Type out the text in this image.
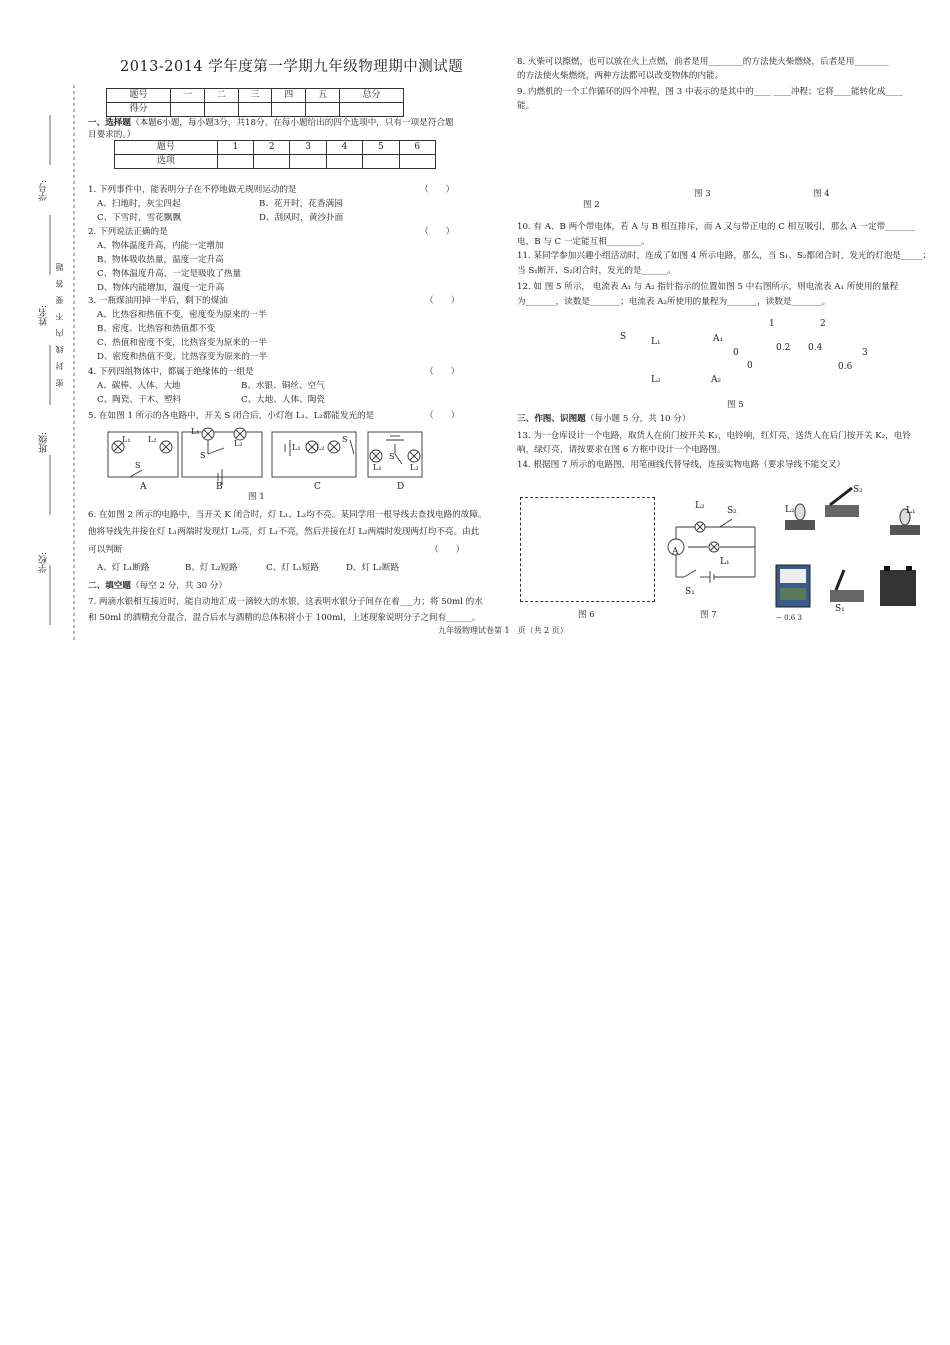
学号:
姓名:
班级:
学校:
密 封 线 内 不 要 答 题
2013-2014 学年度第一学期九年级物理期中测试题
题号	一	二	三	四	五	总分
得分						
一、选择题（本题6小题，每小题3分，共18分。在每小题给出的四个选项中，只有一项是符合题
目要求的。）
题号	1	2	3	4	5	6
选项						
1. 下列事件中，能表明分子在不停地做无规则运动的是	（　　）
A、扫地时，灰尘四起	B、花开时，花香满园
C、下雪时，雪花飘飘	D、刮风时，黄沙扑面
2. 下列说法正确的是	（　　）
A、物体温度升高，内能一定增加
B、物体吸收热量，温度一定升高
C、物体温度升高，一定是吸收了热量
D、物体内能增加，温度一定升高
3. 一瓶煤油用掉一半后，剩下的煤油	（　　）
A、比热容和热值不变，密度变为原来的一半
B、密度、比热容和热值都不变
C、热值和密度不变，比热容变为原来的一半
D、密度和热值不变，比热容变为原来的一半
4. 下列四组物体中，都属于绝缘体的一组是	（　　）
A、碳棒、人体、大地	B、水银、铜丝、空气
C、陶瓷、干木、塑料	C、大地、人体、陶瓷
5. 在如图 1 所示的各电路中，开关 S 闭合后，小灯泡 L₁、L₂都能发光的是	（　　）
L₁ L₂
S
L₁
L₂
S
L₁ L₂
S
L₁
S
L₂
A	B	C	D
图 1
6. 在如图 2 所示的电路中，当开关 K 闭合时，灯 L₁、L₂均不亮。某同学用一根导线去查找电路的故障。
他将导线先并接在灯 L₁两端时发现灯 L₂亮，灯 L₁不亮，然后并接在灯 L₂两端时发现两灯均不亮。由此
可以判断	（　　）
A、灯 L₁断路	B、灯 L₂短路	C、灯 L₁短路	D、灯 L₂断路
二、填空题（每空 2 分，共 30 分）
7. 两滴水银相互接近时，能自动地汇成一滴较大的水银，这表明水银分子间存在着___力；将 50ml 的水
和 50ml 的酒精充分混合，混合后水与酒精的总体积将小于 100ml，上述现象说明分子之间有______。
8. 火柴可以擦燃，也可以放在火上点燃，前者是用________的方法使火柴燃烧，后者是用________
的方法使火柴燃烧，两种方法都可以改变物体的内能。
9. 内燃机的一个工作循环的四个冲程，图 3 中表示的是其中的____ ____冲程；它将____能转化成____
能。
图 2
图 3	图 4
10. 有 A、B 两个带电体，若 A 与 B 相互排斥，而 A 又与带正电的 C 相互吸引，那么 A 一定带_______
电，B 与 C 一定能互相________。
11. 某同学参加兴趣小组活动时，连成了如图 4 所示电路，那么，当 S₁、S₂都闭合时，发光的灯泡是_____；
当 S₁断开、S₂闭合时，发光的是______。
12. 如 图 5 所示， 电流表 A₁ 与 A₂ 指针指示的位置如图 5 中右图所示，则电流表 A₁ 所使用的量程
为_______，读数是_______；电流表 A₂所使用的量程为_______，读数是_______。
S	L₁
L₂
A₁
A₂
1	2
3
0	0.2 0.4
0.6
0
图 5
三、作图、识图题（每小题 5 分，共 10 分）
13. 为一仓库设计一个电路，取货人在前门按开关 K₁，电铃响，红灯亮，送货人在后门按开关 K₂，电铃
响，绿灯亮，请按要求在图 6 方框中设计一个电路图。
14. 根据图 7 所示的电路图，用笔画线代替导线，连接实物电路（要求导线不能交叉）
图 6
A
L₂ S₂
L₁
S₁
图 7
L₂
S₂
L₁
S₁
− 0.6 3
九年级物理试卷第 1　页（共 2 页）
